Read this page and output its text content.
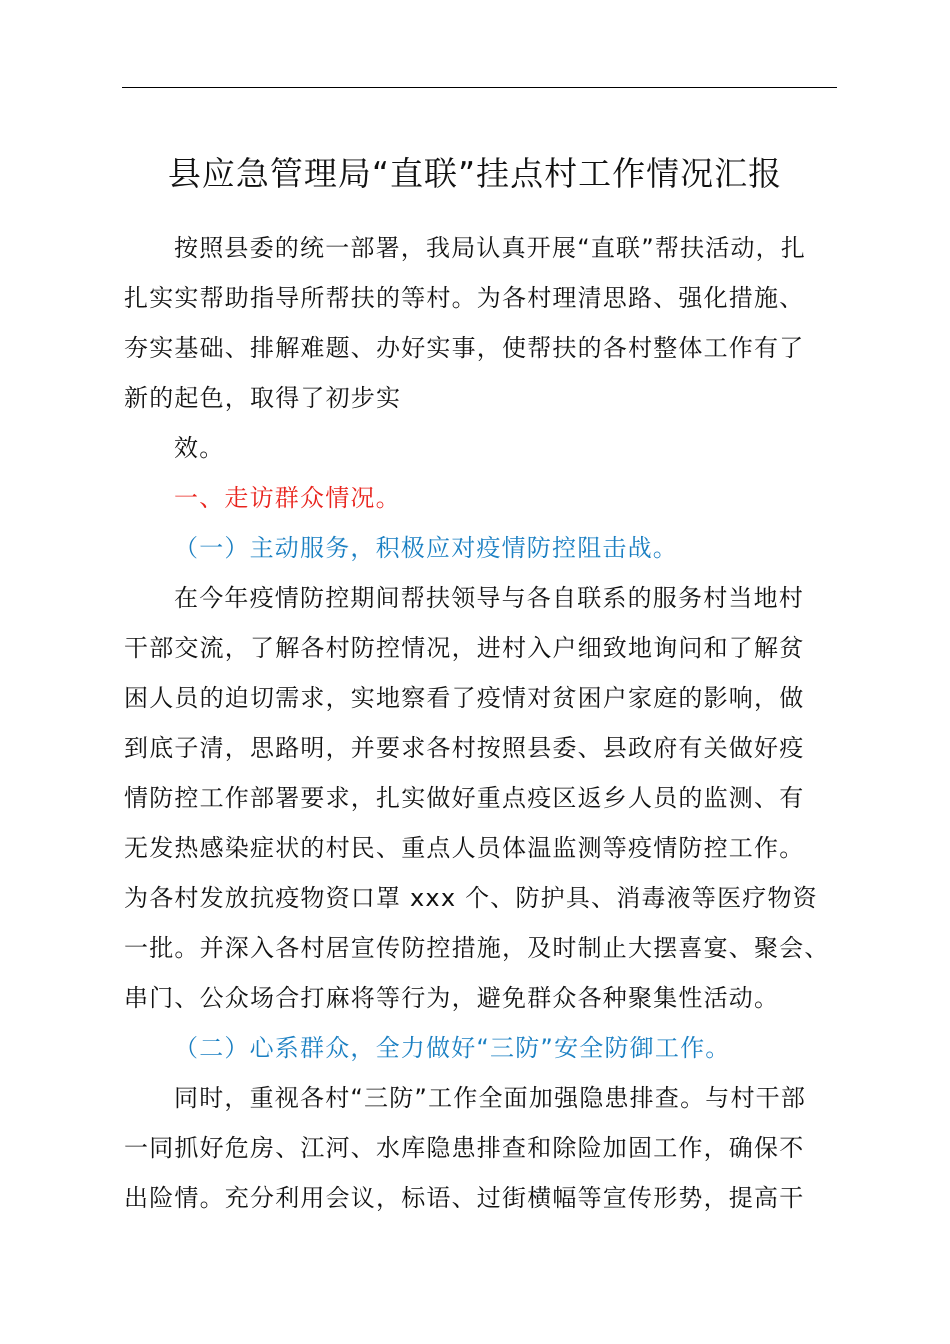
县应急管理局“直联”挂点村工作情况汇报
按照县委的统一部署，我局认真开展“直联”帮扶活动，扎
扎实实帮助指导所帮扶的等村。为各村理清思路、强化措施、
夯实基础、排解难题、办好实事，使帮扶的各村整体工作有了
新的起色，取得了初步实
效。
一、走访群众情况。
（一）主动服务，积极应对疫情防控阻击战。
在今年疫情防控期间帮扶领导与各自联系的服务村当地村
干部交流，了解各村防控情况，进村入户细致地询问和了解贫
困人员的迫切需求，实地察看了疫情对贫困户家庭的影响，做
到底子清，思路明，并要求各村按照县委、县政府有关做好疫
情防控工作部署要求，扎实做好重点疫区返乡人员的监测、有
无发热感染症状的村民、重点人员体温监测等疫情防控工作。
为各村发放抗疫物资口罩 xxx 个、防护具、消毒液等医疗物资
一批。并深入各村居宣传防控措施，及时制止大摆喜宴、聚会、
串门、公众场合打麻将等行为，避免群众各种聚集性活动。
（二）心系群众，全力做好“三防”安全防御工作。
同时，重视各村“三防”工作全面加强隐患排查。与村干部
一同抓好危房、江河、水库隐患排查和除险加固工作，确保不
出险情。充分利用会议，标语、过街横幅等宣传形势，提高干
